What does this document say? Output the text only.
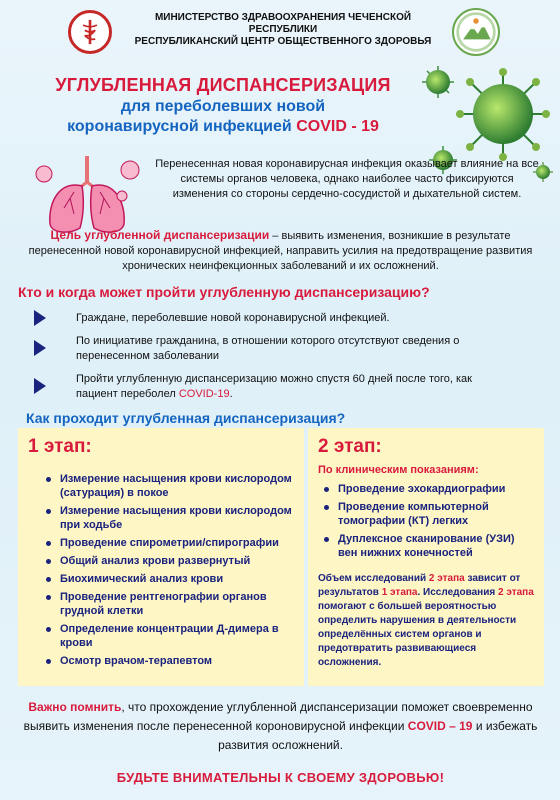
МИНИСТЕРСТВО ЗДРАВООХРАНЕНИЯ ЧЕЧЕНСКОЙ
РЕСПУБЛИКИ
РЕСПУБЛИКАНСКИЙ ЦЕНТР ОБЩЕСТВЕННОГО ЗДОРОВЬЯ
УГЛУБЛЕННАЯ ДИСПАНСЕРИЗАЦИЯ
для переболевших новой
коронавирусной инфекцией COVID - 19
Перенесенная новая коронавирусная инфекция оказывает влияние на все системы органов человека, однако наиболее часто фиксируются изменения со стороны сердечно-сосудистой и дыхательной систем.
Цель углубленной диспансеризации – выявить изменения, возникшие в результате перенесенной новой коронавирусной инфекцией, направить усилия на предотвращение развития хронических неинфекционных заболеваний и их осложнений.
Кто и когда может пройти углубленную диспансеризацию?
Граждане, переболевшие новой коронавирусной инфекцией.
По инициативе гражданина, в отношении которого отсутствуют сведения о перенесенном заболевании
Пройти углубленную диспансеризацию можно спустя 60 дней после того, как пациент переболел COVID-19.
Как проходит углубленная диспансеризация?
1 этап:
Измерение насыщения крови кислородом (сатурация) в покое
Измерение насыщения крови кислородом при ходьбе
Проведение спирометрии/спирографии
Общий анализ крови развернутый
Биохимический анализ крови
Проведение рентгенографии органов грудной клетки
Определение концентрации Д-димера в крови
Осмотр врачом-терапевтом
2 этап:
По клиническим показаниям:
Проведение эхокардиографии
Проведение компьютерной томографии (КТ) легких
Дуплексное сканирование (УЗИ) вен нижних конечностей
Объем исследований 2 этапа зависит от результатов 1 этапа. Исследования 2 этапа помогают с большей вероятностью определить нарушения в деятельности определённых систем органов и предотвратить развивающиеся осложнения.
Важно помнить, что прохождение углубленной диспансеризации поможет своевременно выявить изменения после перенесенной короновирусной инфекции COVID – 19 и избежать развития осложнений.
БУДЬТЕ ВНИМАТЕЛЬНЫ К СВОЕМУ ЗДОРОВЬЮ!
